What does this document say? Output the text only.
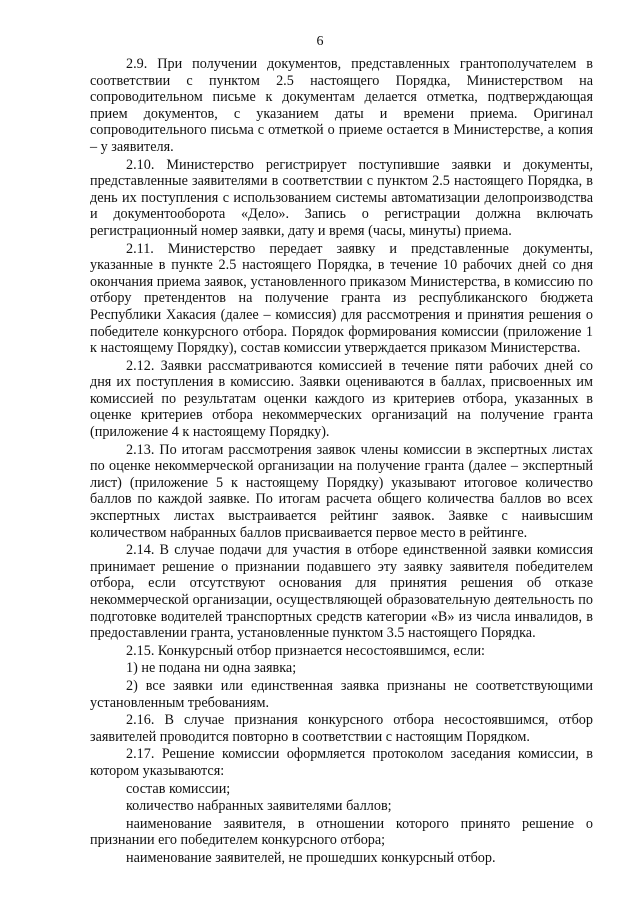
6

2.9. При получении документов, представленных грантополучателем в соответствии с пунктом 2.5 настоящего Порядка, Министерством на сопроводительном письме к документам делается отметка, подтверждающая прием документов, с указанием даты и времени приема. Оригинал сопроводительного письма с отметкой о приеме остается в Министерстве, а копия – у заявителя.

2.10. Министерство регистрирует поступившие заявки и документы, представленные заявителями в соответствии с пунктом 2.5 настоящего Порядка, в день их поступления с использованием системы автоматизации делопроизводства и документооборота «Дело». Запись о регистрации должна включать регистрационный номер заявки, дату и время (часы, минуты) приема.

2.11. Министерство передает заявку и представленные документы, указанные в пункте 2.5 настоящего Порядка, в течение 10 рабочих дней со дня окончания приема заявок, установленного приказом Министерства, в комиссию по отбору претендентов на получение гранта из республиканского бюджета Республики Хакасия (далее – комиссия) для рассмотрения и принятия решения о победителе конкурсного отбора. Порядок формирования комиссии (приложение 1 к настоящему Порядку), состав комиссии утверждается приказом Министерства.

2.12. Заявки рассматриваются комиссией в течение пяти рабочих дней со дня их поступления в комиссию. Заявки оцениваются в баллах, присвоенных им комиссией по результатам оценки каждого из критериев отбора, указанных в оценке критериев отбора некоммерческих организаций на получение гранта (приложение 4 к настоящему Порядку).

2.13. По итогам рассмотрения заявок члены комиссии в экспертных листах по оценке некоммерческой организации на получение гранта (далее – экспертный лист) (приложение 5 к настоящему Порядку) указывают итоговое количество баллов по каждой заявке. По итогам расчета общего количества баллов во всех экспертных листах выстраивается рейтинг заявок. Заявке с наивысшим количеством набранных баллов присваивается первое место в рейтинге.

2.14. В случае подачи для участия в отборе единственной заявки комиссия принимает решение о признании подавшего эту заявку заявителя победителем отбора, если отсутствуют основания для принятия решения об отказе некоммерческой организации, осуществляющей образовательную деятельность по подготовке водителей транспортных средств категории «В» из числа инвалидов, в предоставлении гранта, установленные пунктом 3.5 настоящего Порядка.

2.15. Конкурсный отбор признается несостоявшимся, если:

1) не подана ни одна заявка;

2) все заявки или единственная заявка признаны не соответствующими установленным требованиям.

2.16. В случае признания конкурсного отбора несостоявшимся, отбор заявителей проводится повторно в соответствии с настоящим Порядком.

2.17. Решение комиссии оформляется протоколом заседания комиссии, в котором указываются:

состав комиссии;

количество набранных заявителями баллов;

наименование заявителя, в отношении которого принято решение о признании его победителем конкурсного отбора;

наименование заявителей, не прошедших конкурсный отбор.
